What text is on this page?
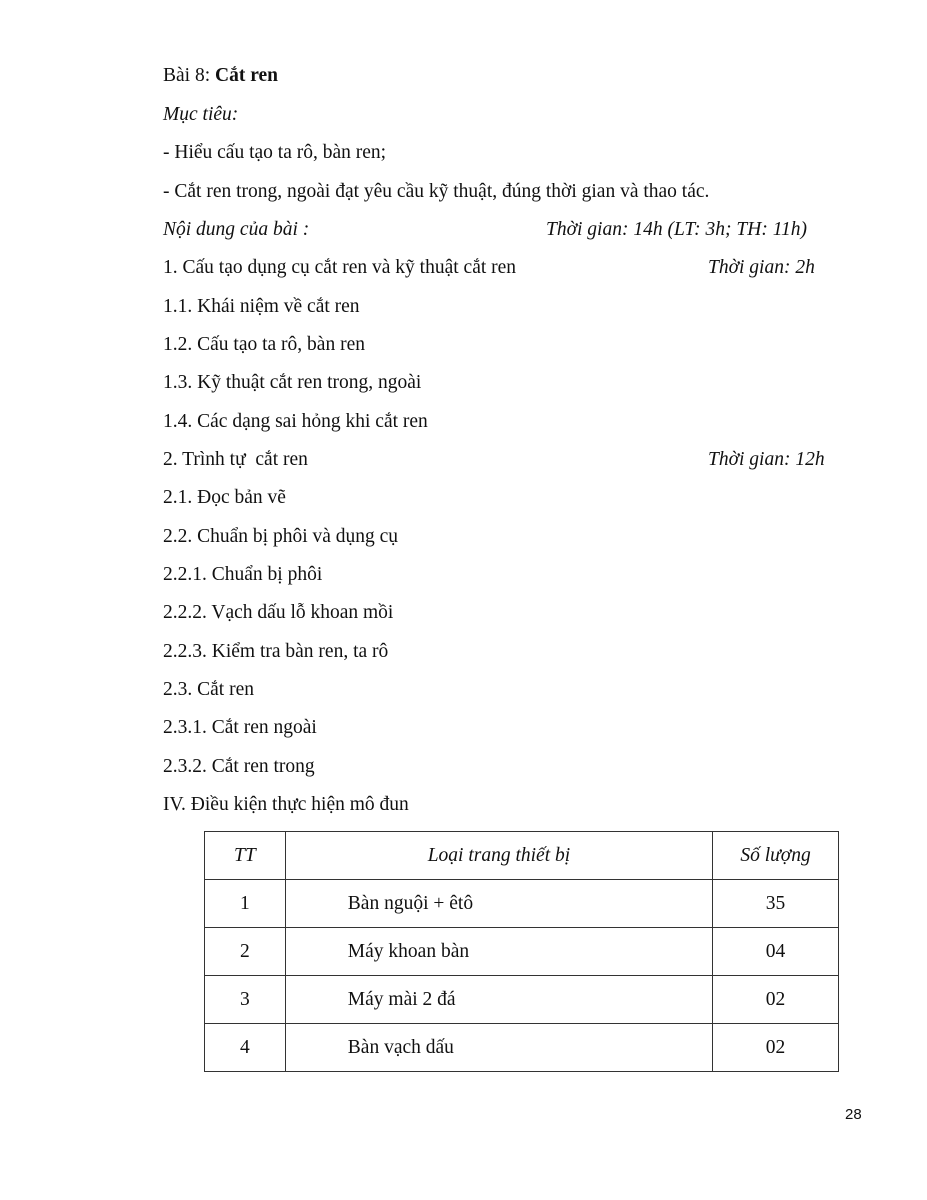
Bài 8: Cắt ren
Mục tiêu:
- Hiểu cấu tạo ta rô, bàn ren;
- Cắt ren trong, ngoài đạt yêu cầu kỹ thuật, đúng thời gian và thao tác.
Nội dung của bài :	Thời gian: 14h (LT: 3h; TH: 11h)
1. Cấu tạo dụng cụ cắt ren và kỹ thuật cắt ren	Thời gian: 2h
1.1. Khái niệm về cắt ren
1.2. Cấu tạo ta rô, bàn ren
1.3. Kỹ thuật cắt ren trong, ngoài
1.4. Các dạng sai hỏng khi cắt ren
2. Trình tự  cắt ren	Thời gian: 12h
2.1. Đọc bản vẽ
2.2. Chuẩn bị phôi và dụng cụ
2.2.1. Chuẩn bị phôi
2.2.2. Vạch dấu lỗ khoan mồi
2.2.3. Kiểm tra bàn ren, ta rô
2.3. Cắt ren
2.3.1. Cắt ren ngoài
2.3.2. Cắt ren trong
IV. Điều kiện thực hiện mô đun
TT	Loại trang thiết bị	Số lượng
1	Bàn nguội + êtô	35
2	Máy khoan bàn	04
3	Máy mài 2 đá	02
4	Bàn vạch dấu	02
28
